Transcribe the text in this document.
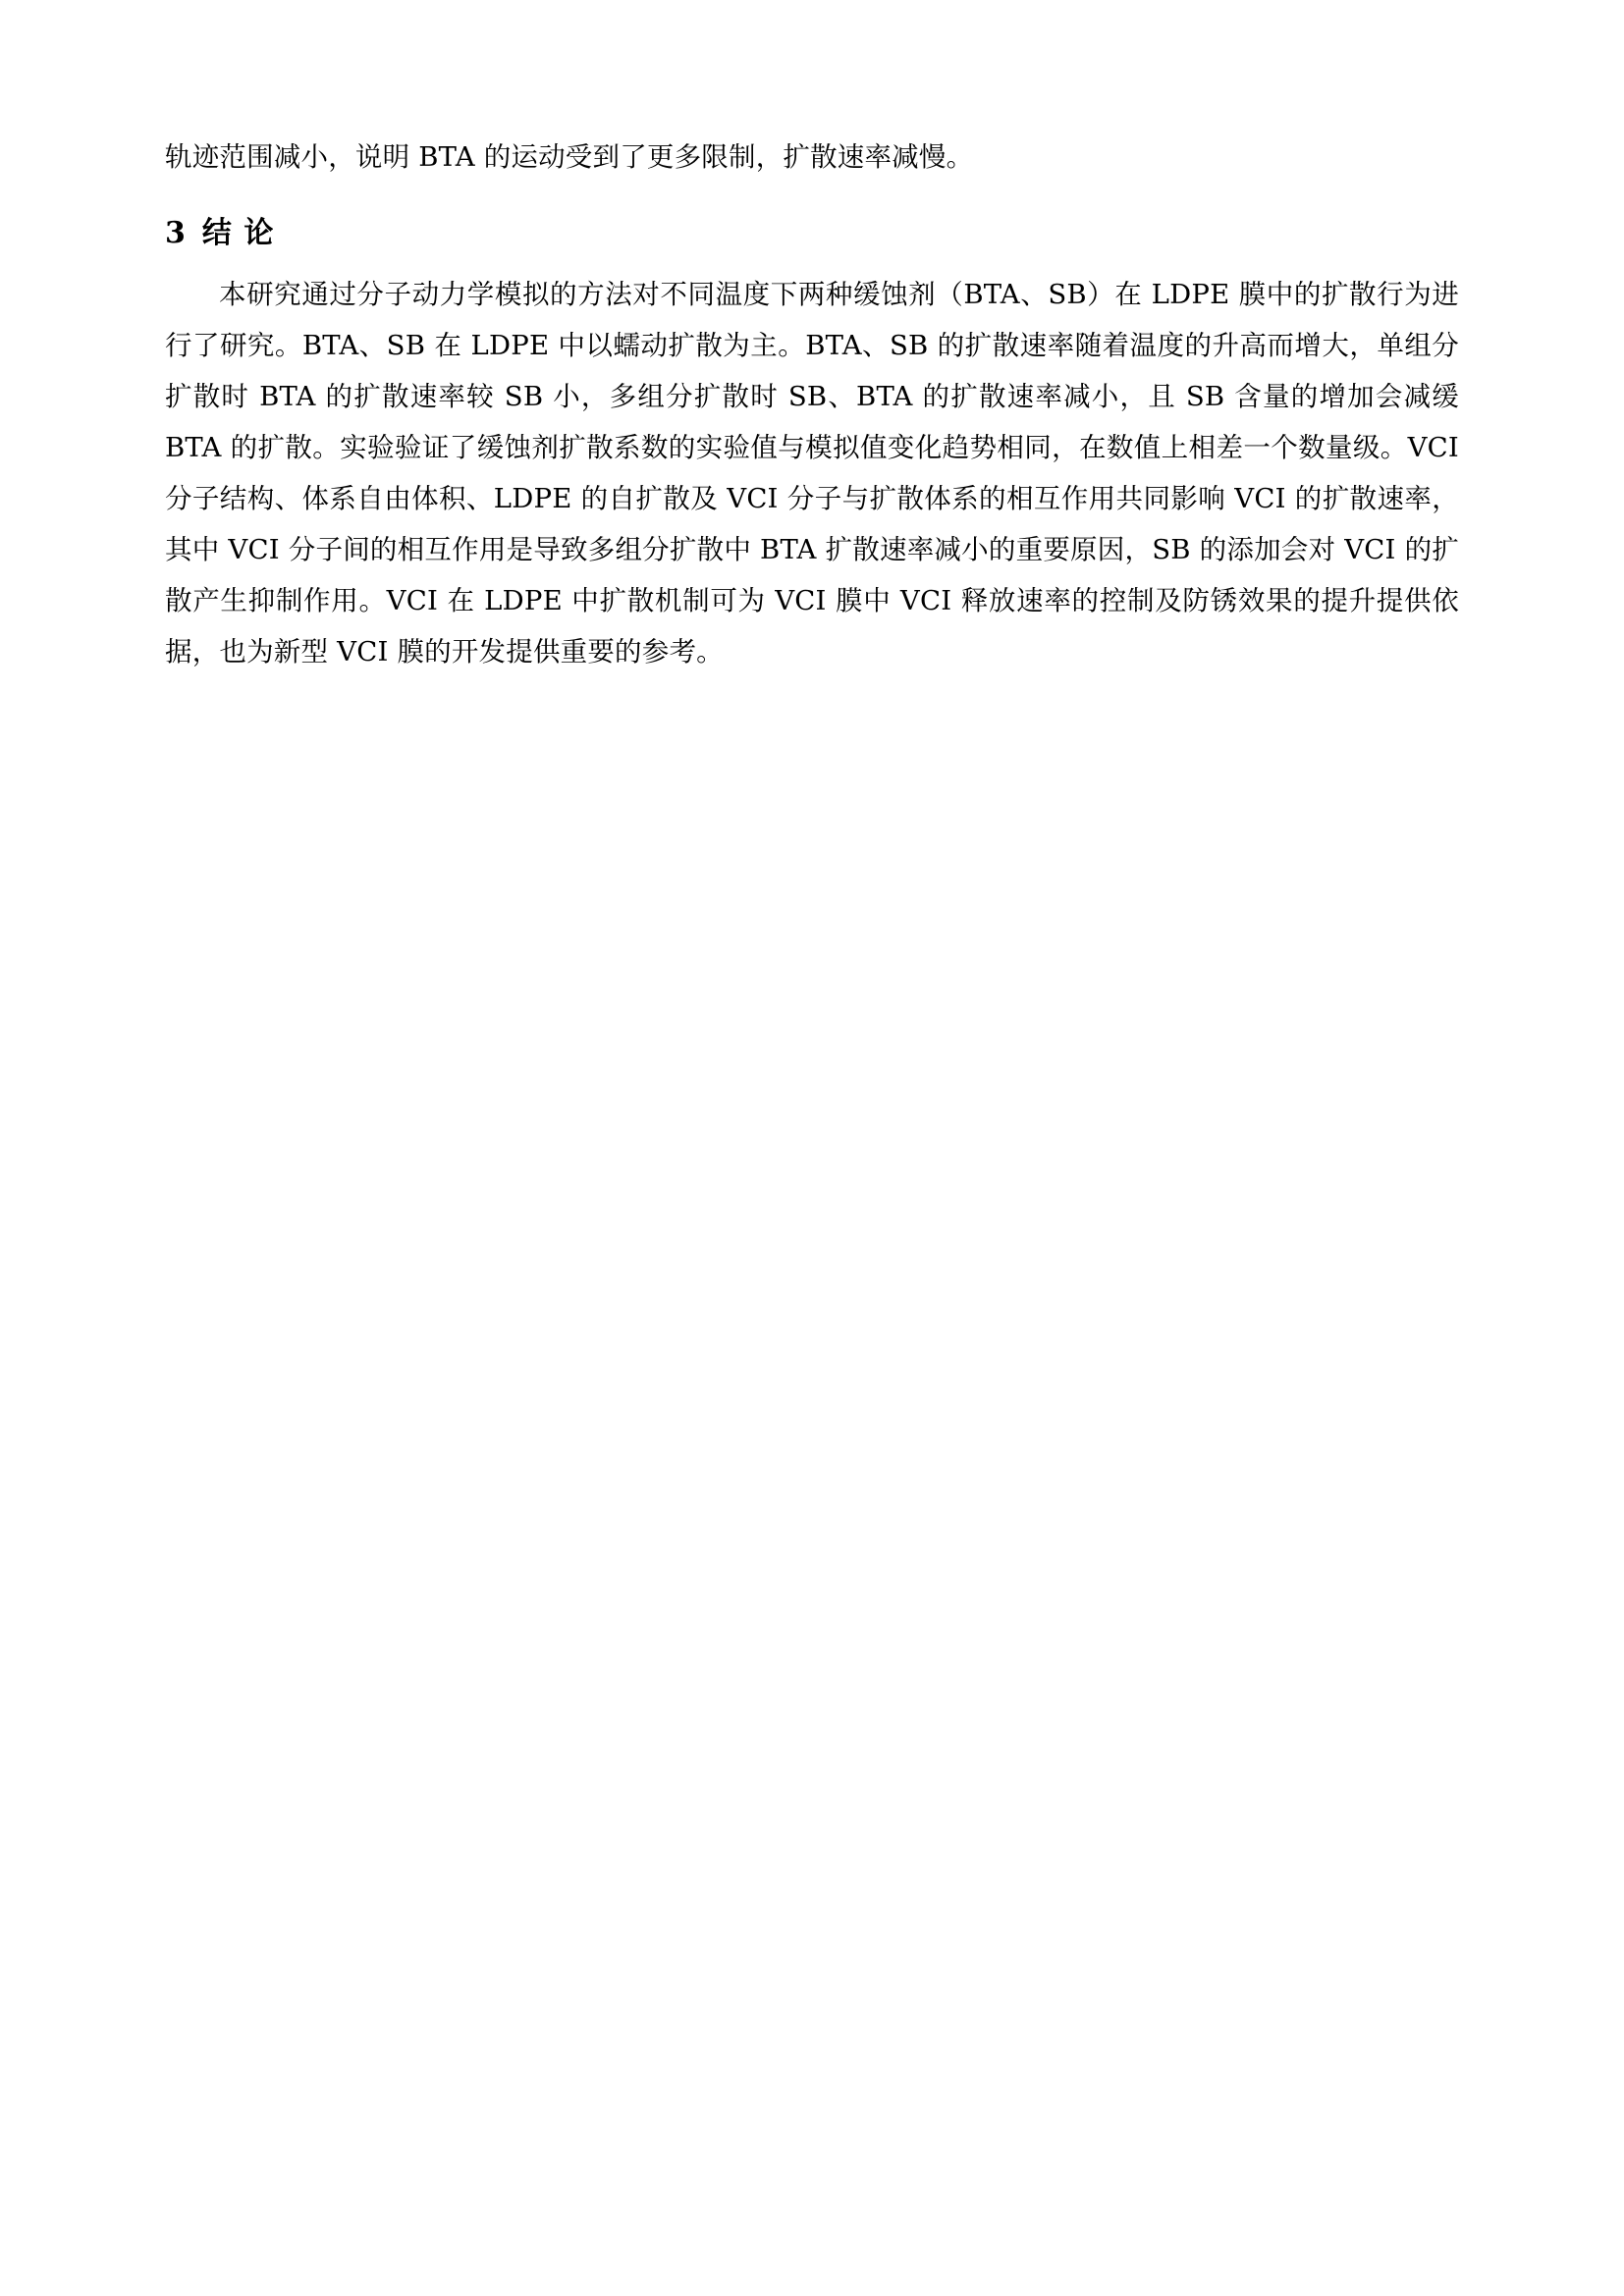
轨迹范围减小，说明 BTA 的运动受到了更多限制，扩散速率减慢。

3 结 论

本研究通过分子动力学模拟的方法对不同温度下两种缓蚀剂（BTA、SB）在 LDPE 膜中的扩散行为进行了研究。BTA、SB 在 LDPE 中以蠕动扩散为主。BTA、SB 的扩散速率随着温度的升高而增大，单组分扩散时 BTA 的扩散速率较 SB 小，多组分扩散时 SB、BTA 的扩散速率减小，且 SB 含量的增加会减缓 BTA 的扩散。实验验证了缓蚀剂扩散系数的实验值与模拟值变化趋势相同，在数值上相差一个数量级。VCI 分子结构、体系自由体积、LDPE 的自扩散及 VCI 分子与扩散体系的相互作用共同影响 VCI 的扩散速率，其中 VCI 分子间的相互作用是导致多组分扩散中 BTA 扩散速率减小的重要原因，SB 的添加会对 VCI 的扩散产生抑制作用。VCI 在 LDPE 中扩散机制可为 VCI 膜中 VCI 释放速率的控制及防锈效果的提升提供依据，也为新型 VCI 膜的开发提供重要的参考。
